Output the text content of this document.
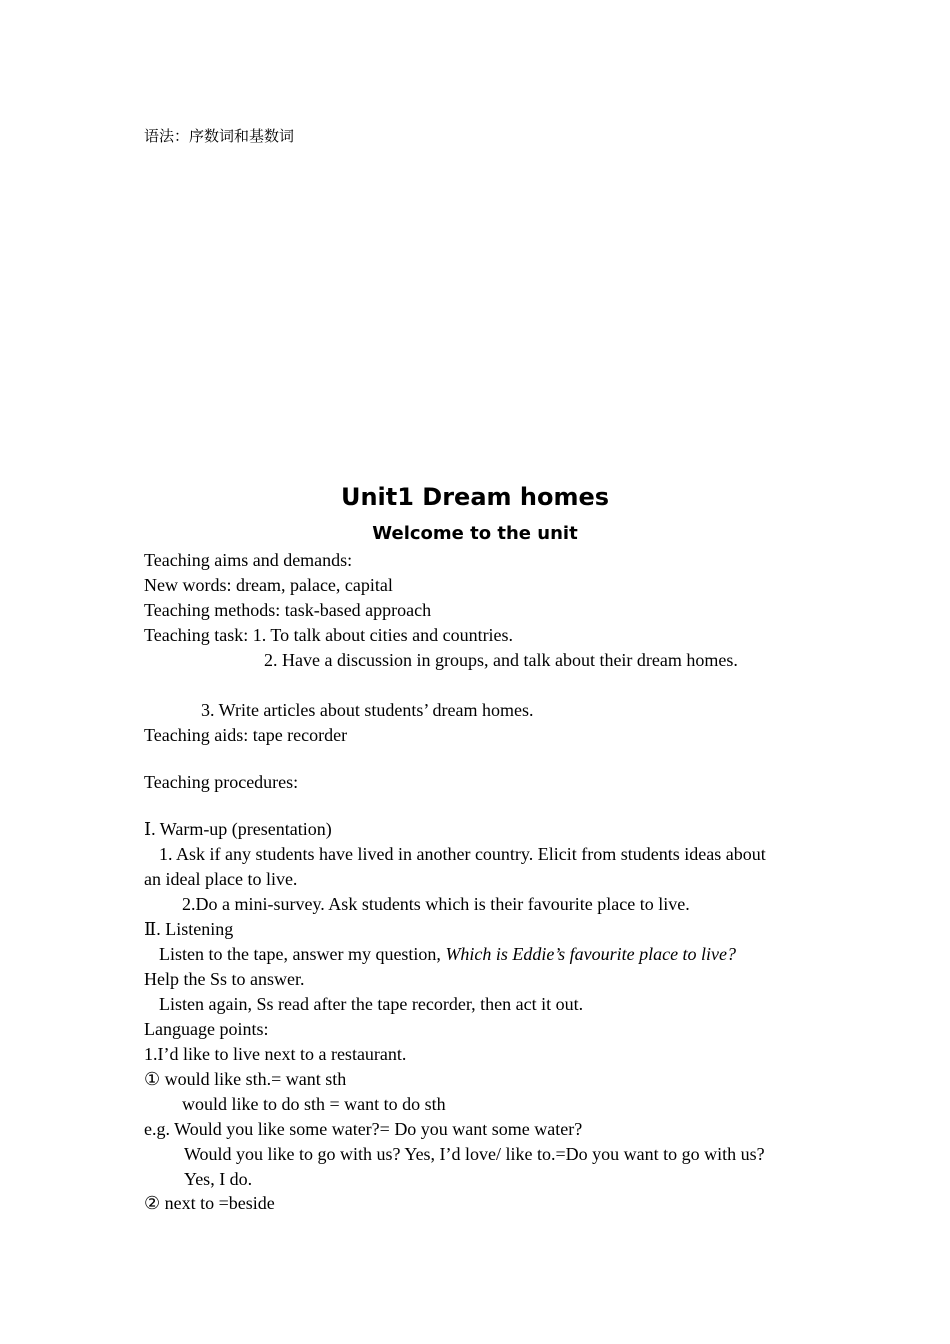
语法：序数词和基数词
Unit1 Dream homes
Welcome to the unit
Teaching aims and demands:
New words: dream, palace, capital
Teaching methods: task-based approach
Teaching task: 1. To talk about cities and countries.
2. Have a discussion in groups, and talk about their dream homes.
3. Write articles about students’ dream homes.
Teaching aids: tape recorder
Teaching procedures:
Ⅰ. Warm-up (presentation)
1. Ask if any students have lived in another country. Elicit from students ideas about
an ideal place to live.
2.Do a mini-survey. Ask students which is their favourite place to live.
Ⅱ. Listening
Listen to the tape, answer my question, Which is Eddie’s favourite place to live?
Help the Ss to answer.
Listen again, Ss read after the tape recorder, then act it out.
Language points:
1.I’d like to live next to a restaurant.
① would like sth.= want sth
would like to do sth = want to do sth
e.g. Would you like some water?= Do you want some water?
Would you like to go with us? Yes, I’d love/ like to.=Do you want to go with us?
Yes, I do.
② next to =beside
